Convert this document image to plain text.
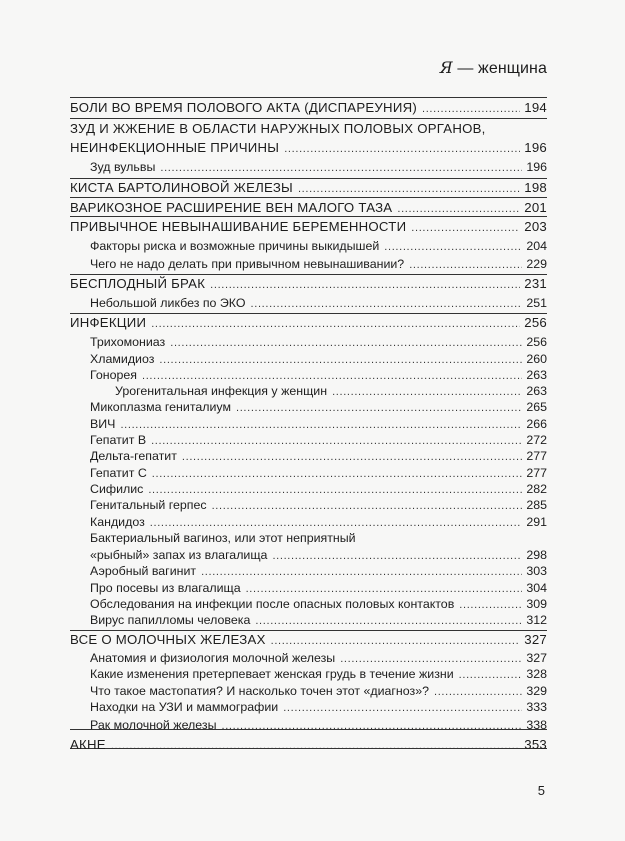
Я — женщина
БОЛИ ВО ВРЕМЯ ПОЛОВОГО АКТА (ДИСПАРЕУНИЯ) . . .	194
ЗУД И ЖЖЕНИЕ В ОБЛАСТИ НАРУЖНЫХ ПОЛОВЫХ ОРГАНОВ,
НЕИНФЕКЦИОННЫЕ ПРИЧИНЫ . . .	196
Зуд вульвы . . .	196
КИСТА БАРТОЛИНОВОЙ ЖЕЛЕЗЫ . . .	198
ВАРИКОЗНОЕ РАСШИРЕНИЕ ВЕН МАЛОГО ТАЗА . . .	201
ПРИВЫЧНОЕ НЕВЫНАШИВАНИЕ БЕРЕМЕННОСТИ . . .	203
Факторы риска и возможные причины выкидышей . . .	204
Чего не надо делать при привычном невынашивании? . . .	229
БЕСПЛОДНЫЙ БРАК . . .	231
Небольшой ликбез по ЭКО . . .	251
ИНФЕКЦИИ . . .	256
Трихомониаз . . .	256
Хламидиоз . . .	260
Гонорея . . .	263
Урогенитальная инфекция у женщин . . .	263
Микоплазма гениталиум . . .	265
ВИЧ . . .	266
Гепатит В . . .	272
Дельта-гепатит . . .	277
Гепатит С . . .	277
Сифилис . . .	282
Генитальный герпес . . .	285
Кандидоз . . .	291
Бактериальный вагиноз, или этот неприятный
«рыбный» запах из влагалища . . .	298
Аэробный вагинит . . .	303
Про посевы из влагалища . . .	304
Обследования на инфекции после опасных половых контактов . . .	309
Вирус папилломы человека . . .	312
ВСЕ О МОЛОЧНЫХ ЖЕЛЕЗАХ . . .	327
Анатомия и физиология молочной железы . . .	327
Какие изменения претерпевает женская грудь в течение жизни . . .	328
Что такое мастопатия? И насколько точен этот «диагноз»? . . .	329
Находки на УЗИ и маммографии . . .	333
Рак молочной железы . . .	338
АКНЕ . . .	353
5
